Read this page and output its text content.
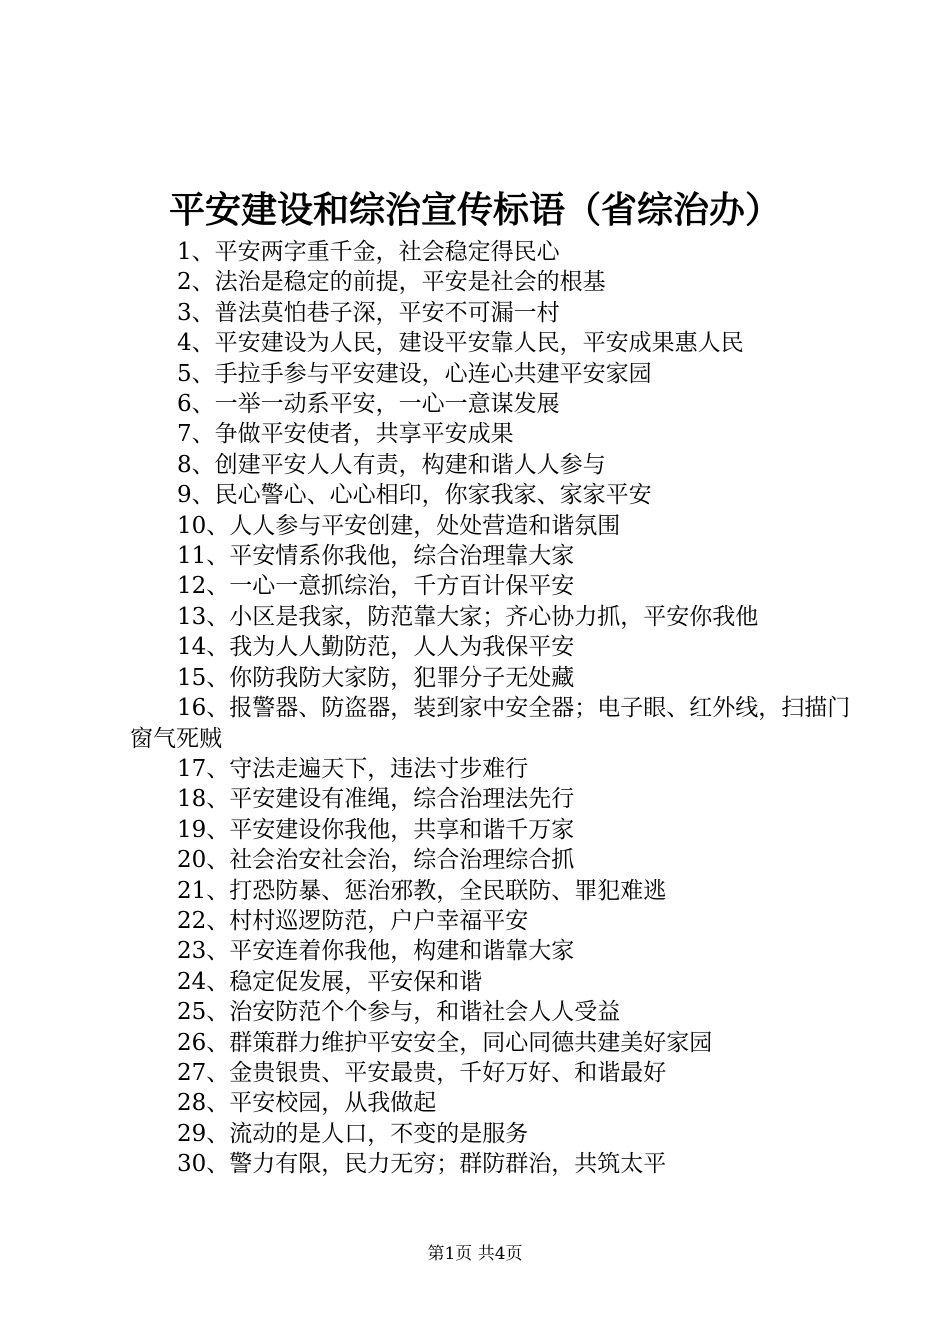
平安建设和综治宣传标语（省综治办）
1、平安两字重千金，社会稳定得民心
2、法治是稳定的前提，平安是社会的根基
3、普法莫怕巷子深，平安不可漏一村
4、平安建设为人民，建设平安靠人民，平安成果惠人民
5、手拉手参与平安建设，心连心共建平安家园
6、一举一动系平安，一心一意谋发展
7、争做平安使者，共享平安成果
8、创建平安人人有责，构建和谐人人参与
9、民心警心、心心相印，你家我家、家家平安
10、人人参与平安创建，处处营造和谐氛围
11、平安情系你我他，综合治理靠大家
12、一心一意抓综治，千方百计保平安
13、小区是我家，防范靠大家；齐心协力抓，平安你我他
14、我为人人勤防范，人人为我保平安
15、你防我防大家防，犯罪分子无处藏
16、报警器、防盗器，装到家中安全器；电子眼、红外线，扫描门窗气死贼
17、守法走遍天下，违法寸步难行
18、平安建设有准绳，综合治理法先行
19、平安建设你我他，共享和谐千万家
20、社会治安社会治，综合治理综合抓
21、打恐防暴、惩治邪教，全民联防、罪犯难逃
22、村村巡逻防范，户户幸福平安
23、平安连着你我他，构建和谐靠大家
24、稳定促发展，平安保和谐
25、治安防范个个参与，和谐社会人人受益
26、群策群力维护平安安全，同心同德共建美好家园
27、金贵银贵、平安最贵，千好万好、和谐最好
28、平安校园，从我做起
29、流动的是人口，不变的是服务
30、警力有限，民力无穷；群防群治，共筑太平
第1页 共4页
